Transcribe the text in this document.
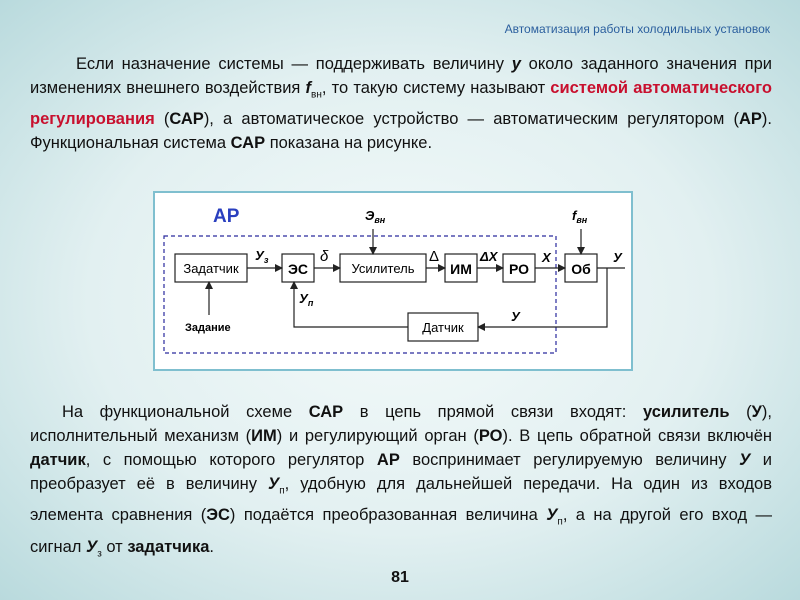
Автоматизация работы холодильных установок
Если назначение системы — поддерживать величину y около заданного значения при изменениях внешнего воздействия $f_{вн}$, то такую систему называют системой автоматического регулирования (САР), а автоматическое устройство — автоматическим регулятором (АР). Функциональная система САР показана на рисунке.
АР
Задатчик	ЭС	Усилитель	ИМ	РО	Об
Датчик
$У_з$	δ
$Э_{вн}$
Δ	ΔX	X
$f_{вн}$
У
У
$У_п$
Задание
На функциональной схеме САР в цепь прямой связи входят: усилитель (У), исполнительный механизм (ИМ) и регулирующий орган (РО). В цепь обратной связи включён датчик, с помощью которого регулятор АР воспринимает регулируемую величину У и преобразует её в величину $У_п$, удобную для дальнейшей передачи. На один из входов элемента сравнения (ЭС) подаётся преобразованная величина $У_п$, а на другой его вход — сигнал $У_з$ от задатчика.
81
